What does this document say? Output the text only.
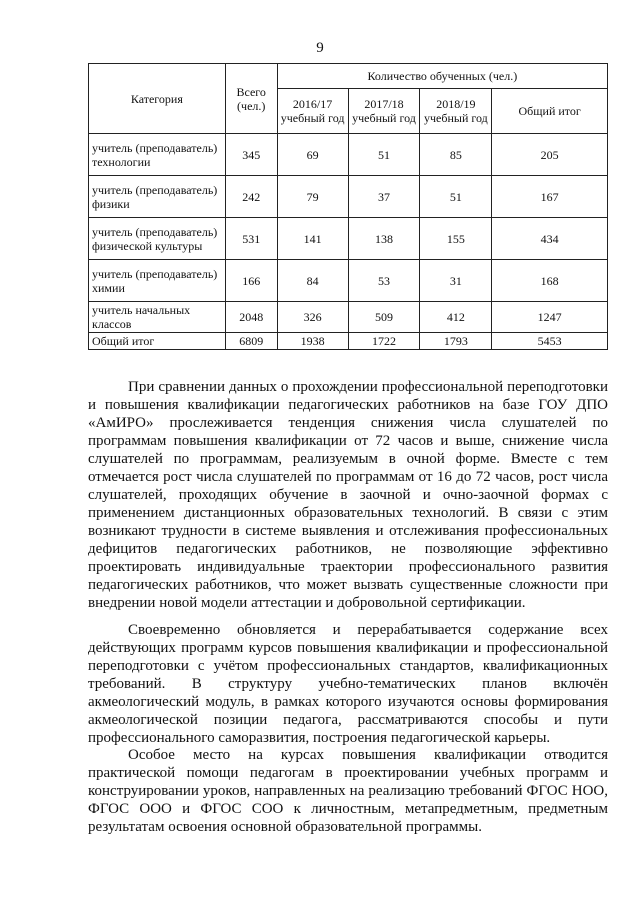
9
Категория	Всего (чел.)	Количество обученных (чел.)			
		2016/17 учебный год	2017/18 учебный год	2018/19 учебный год	Общий итог
учитель (преподаватель) технологии	345	69	51	85	205
учитель (преподаватель) физики	242	79	37	51	167
учитель (преподаватель) физической культуры	531	141	138	155	434
учитель (преподаватель) химии	166	84	53	31	168
учитель начальных классов	2048	326	509	412	1247
Общий итог	6809	1938	1722	1793	5453

При сравнении данных о прохождении профессиональной переподготовки и повышения квалификации педагогических работников на базе ГОУ ДПО «АмИРО» прослеживается тенденция снижения числа слушателей по программам повышения квалификации от 72 часов и выше, снижение числа слушателей по программам, реализуемым в очной форме. Вместе с тем отмечается рост числа слушателей по программам от 16 до 72 часов, рост числа слушателей, проходящих обучение в заочной и очно-заочной формах с применением дистанционных образовательных технологий. В связи с этим возникают трудности в системе выявления и отслеживания профессиональных дефицитов педагогических работников, не позволяющие эффективно проектировать индивидуальные траектории профессионального развития педагогических работников, что может вызвать существенные сложности при внедрении новой модели аттестации и добровольной сертификации.

Своевременно обновляется и перерабатывается содержание всех действующих программ курсов повышения квалификации и профессиональной переподготовки с учётом профессиональных стандартов, квалификационных требований. В структуру учебно-тематических планов включён акмеологический модуль, в рамках которого изучаются основы формирования акмеологической позиции педагога, рассматриваются способы и пути профессионального саморазвития, построения педагогической карьеры.

Особое место на курсах повышения квалификации отводится практической помощи педагогам в проектировании учебных программ и конструировании уроков, направленных на реализацию требований ФГОС НОО, ФГОС ООО и ФГОС СОО к личностным, метапредметным, предметным результатам освоения основной образовательной программы.
